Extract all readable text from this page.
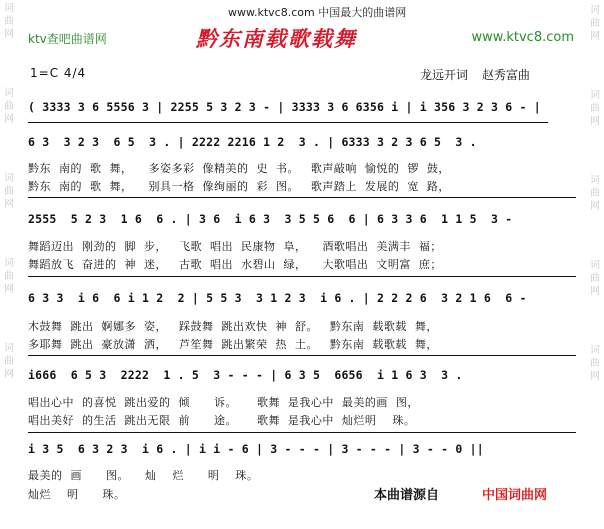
词
曲
网
词
曲
网
词
曲
网
词
曲
网
词
曲
网
词
曲
网
词
曲
网
词
曲
网
词
曲
网
词
曲
网
www.ktvc8.com 中国最大的曲谱网
ktv查吧曲谱网	www.ktvc8.com
黔东南载歌载舞
1=C 4/4	龙远开词 赵秀富曲
( 3333 3 6 5556 3 | 2255 5 3 2 3 - | 3333 3 6 6356 i | i 356 3 2 3 6 - |
6 3  3 2 3  6 5  3 . | 2222 2216 1 2  3 . | 6333 3 2 3 6 5  3 .
黔东  南的  歌  舞，    多姿多彩  像精美的  史  书。   歌声敲响  愉悦的  锣  鼓，
黔东  南的  歌  舞，    别具一格  像绚丽的  彩  图。   歌声踏上  发展的  宽  路，
2555  5 2 3  1 6  6 . | 3 6  i 6 3  3 5 5 6  6 | 6 3 3 6  1 1 5  3 -
舞蹈迈出  刚劲的  脚  步，   飞歌  唱出  民康物  阜，    酒歌唱出  美满丰  福；
舞蹈放飞  奋进的  神  迷，   古歌  唱出  水碧山  绿，    大歌唱出  文明富  庶；
6 3 3  i 6  6 i 1 2  2 | 5 5 3  3 1 2 3  i 6 . | 2 2 2 6  3 2 1 6  6 -
木鼓舞  跳出  婀娜多  姿，   踩鼓舞  跳出欢快  神  舒。   黔东南  载歌载  舞，
多耶舞  跳出  豪放潇  洒，   芦笙舞  跳出繁荣  热  土。   黔东南  载歌载  舞，
i666  6 5 3  2222  1 . 5  3 - - - | 6 3 5  6656  i 1 6 3  3 .
唱出心中  的喜悦  跳出爱的  倾      诉。     歌舞  是我心中  最美的画  图，
唱出美好  的生活  跳出无限  前      途。     歌舞  是我心中  灿烂明    珠。
i 3 5  6 3 2 3  i 6 . | i i - 6 | 3 - - - | 3 - - - | 3 - - 0 ||
最美的  画      图。    灿    烂      明    珠。
灿烂    明      珠。	本曲谱源自	中国词曲网
